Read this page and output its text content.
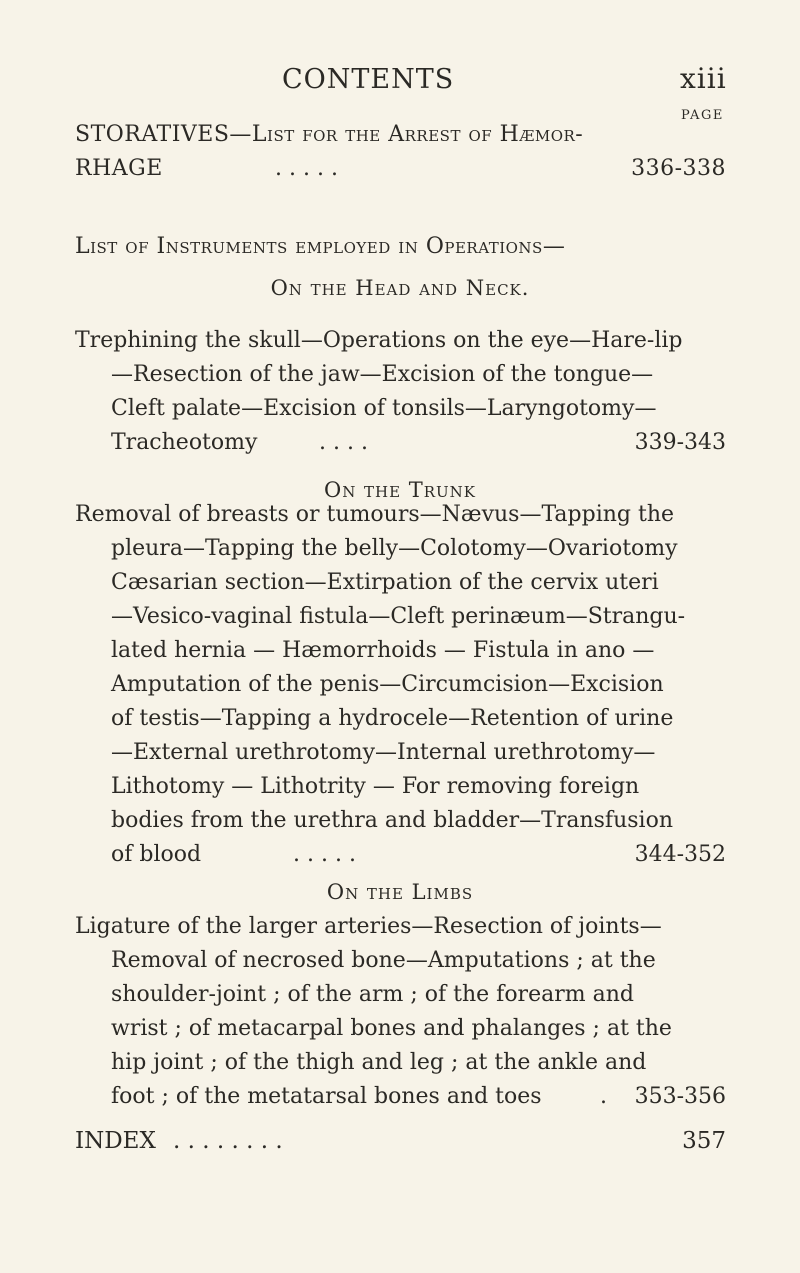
CONTENTS	xiii
PAGE
STORATIVES—List for the Arrest of Hæmor-
RHAGE	. . . . .	336-338
List of Instruments employed in Operations—
On the Head and Neck.
Trephining the skull—Operations on the eye—Hare-lip
—Resection of the jaw—Excision of the tongue—
Cleft palate—Excision of tonsils—Laryngotomy—
Tracheotomy	. . . .	339-343
On the Trunk
Removal of breasts or tumours—Nævus—Tapping the
pleura—Tapping the belly—Colotomy—Ovariotomy
Cæsarian section—Extirpation of the cervix uteri
—Vesico-vaginal fistula—Cleft perinæum—Strangu-
lated hernia — Hæmorrhoids — Fistula in ano —
Amputation of the penis—Circumcision—Excision
of testis—Tapping a hydrocele—Retention of urine
—External urethrotomy—Internal urethrotomy—
Lithotomy — Lithotrity — For removing foreign
bodies from the urethra and bladder—Transfusion
of blood	. . . . .	344-352
On the Limbs
Ligature of the larger arteries—Resection of joints—
Removal of necrosed bone—Amputations ; at the
shoulder-joint ; of the arm ; of the forearm and
wrist ; of metacarpal bones and phalanges ; at the
hip joint ; of the thigh and leg ; at the ankle and
foot ; of the metatarsal bones and toes	. 353-356
INDEX . . . . . . . .	357
